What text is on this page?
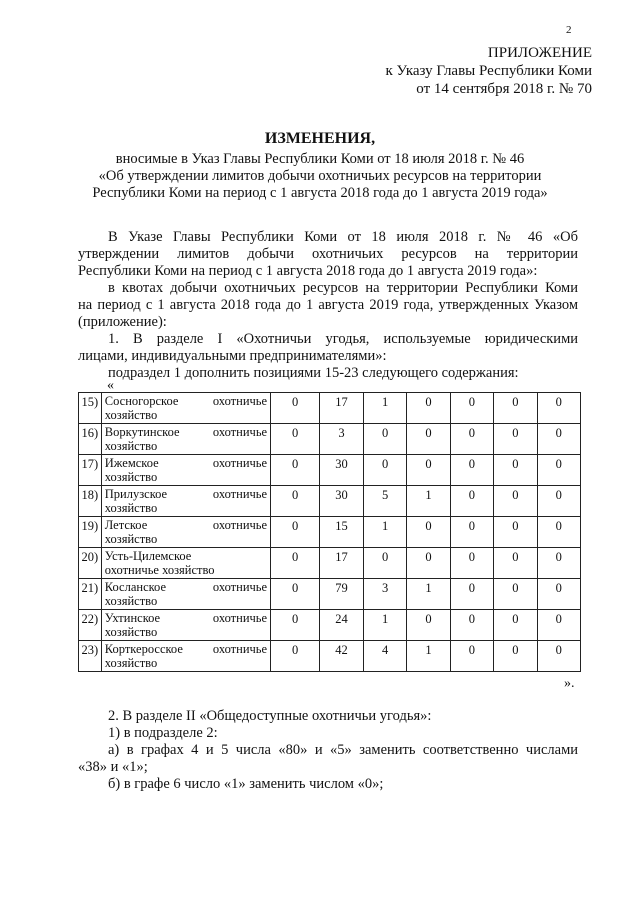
2
ПРИЛОЖЕНИЕ
к Указу Главы Республики Коми
от 14 сентября 2018 г. № 70
ИЗМЕНЕНИЯ,
вносимые в Указ Главы Республики Коми от 18 июля 2018 г. № 46
«Об утверждении лимитов добычи охотничьих ресурсов на территории
Республики Коми на период с 1 августа 2018 года до 1 августа 2019 года»
В Указе Главы Республики Коми от 18 июля 2018 г. № 46 «Об
утверждении лимитов добычи охотничьих ресурсов на территории
Республики Коми на период с 1 августа 2018 года до 1 августа 2019 года»:
в квотах добычи охотничьих ресурсов на территории Республики Коми
на период с 1 августа 2018 года до 1 августа 2019 года, утвержденных Указом
(приложение):
1. В разделе I «Охотничьи угодья, используемые юридическими
лицами, индивидуальными предпринимателями»:
подраздел 1 дополнить позициями 15-23 следующего содержания:
«
15)	Сосногорское охотничье
хозяйство	0	17	1	0	0	0	0
16)	Воркутинское охотничье
хозяйство	0	3	0	0	0	0	0
17)	Ижемское охотничье
хозяйство	0	30	0	0	0	0	0
18)	Прилузское охотничье
хозяйство	0	30	5	1	0	0	0
19)	Летское охотничье
хозяйство	0	15	1	0	0	0	0
20)	Усть-Цилемское
охотничье хозяйство	0	17	0	0	0	0	0
21)	Косланское охотничье
хозяйство	0	79	3	1	0	0	0
22)	Ухтинское охотничье
хозяйство	0	24	1	0	0	0	0
23)	Корткеросское охотничье
хозяйство	0	42	4	1	0	0	0
».
2. В разделе II «Общедоступные охотничьи угодья»:
1) в подразделе 2:
а) в графах 4 и 5 числа «80» и «5» заменить соответственно числами
«38» и «1»;
б) в графе 6 число «1» заменить числом «0»;
